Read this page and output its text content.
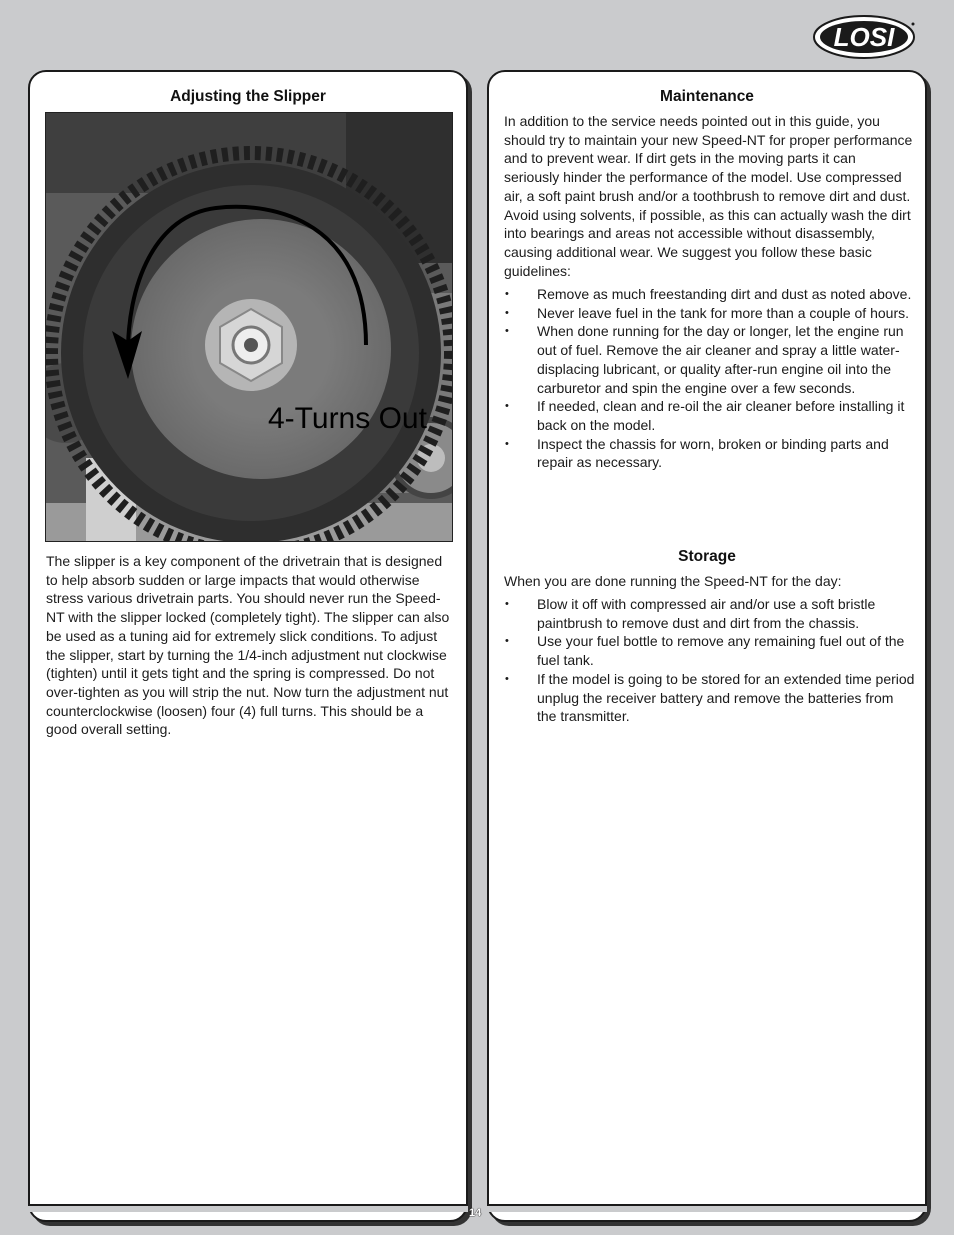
LOSI
Adjusting the Slipper
4-Turns Out

The slipper is a key component of the drivetrain that is designed to help absorb sudden or large impacts that would otherwise stress various drivetrain parts. You should never run the Speed-NT with the slipper locked (completely tight). The slipper can also be used as a tuning aid for extremely slick conditions. To adjust the slipper, start by turning the 1/4-inch adjustment nut clockwise (tighten) until it gets tight and the spring is compressed. Do not over-tighten as you will strip the nut. Now turn the adjustment nut counterclockwise (loosen) four (4) full turns. This should be a good overall setting.

Maintenance

In addition to the service needs pointed out in this guide, you should try to maintain your new Speed-NT for proper performance and to prevent wear. If dirt gets in the moving parts it can seriously hinder the performance of the model. Use compressed air, a soft paint brush and/or a toothbrush to remove dirt and dust. Avoid using solvents, if possible, as this can actually wash the dirt into bearings and areas not accessible without disassembly, causing additional wear. We suggest you follow these basic guidelines:

• Remove as much freestanding dirt and dust as noted above.
• Never leave fuel in the tank for more than a couple of hours.
• When done running for the day or longer, let the engine run out of fuel. Remove the air cleaner and spray a little water-displacing lubricant, or quality after-run engine oil into the carburetor and spin the engine over a few seconds.
• If needed, clean and re-oil the air cleaner before installing it back on the model.
• Inspect the chassis for worn, broken or binding parts and repair as necessary.
Storage

When you are done running the Speed-NT for the day:

• Blow it off with compressed air and/or use a soft bristle paintbrush to remove dust and dirt from the chassis.
• Use your fuel bottle to remove any remaining fuel out of the fuel tank.
• If the model is going to be stored for an extended time period unplug the receiver battery and remove the batteries from the transmitter.
14
